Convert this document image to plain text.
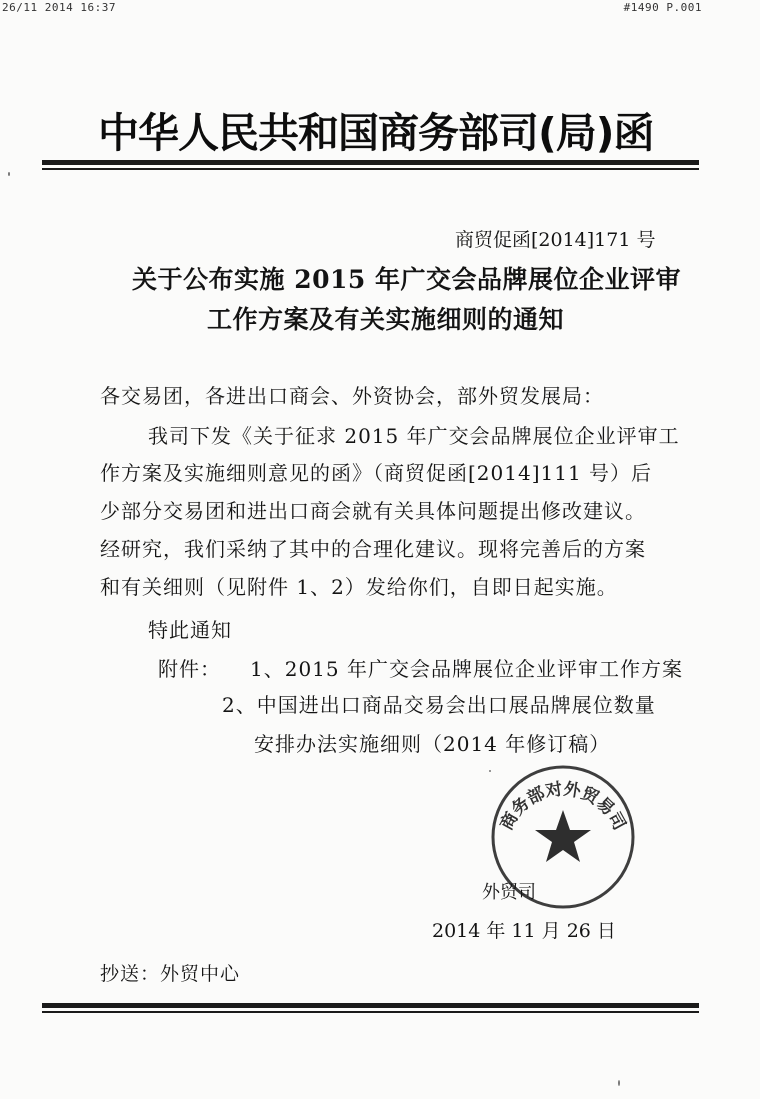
26/11 2014 16:37	#1490 P.001
中华人民共和国商务部司(局)函
商贸促函[2014]171 号
关于公布实施 2015 年广交会品牌展位企业评审
工作方案及有关实施细则的通知
各交易团，各进出口商会、外资协会，部外贸发展局：
我司下发《关于征求 2015 年广交会品牌展位企业评审工
作方案及实施细则意见的函》（商贸促函[2014]111 号）后
少部分交易团和进出口商会就有关具体问题提出修改建议。
经研究，我们采纳了其中的合理化建议。现将完善后的方案
和有关细则（见附件 1、2）发给你们，自即日起实施。
特此通知
附件： 1、2015 年广交会品牌展位企业评审工作方案
2、中国进出口商品交易会出口展品牌展位数量
安排办法实施细则（2014 年修订稿）
商务部对外贸易司
外贸司
2014 年 11 月 26 日
抄送：外贸中心
